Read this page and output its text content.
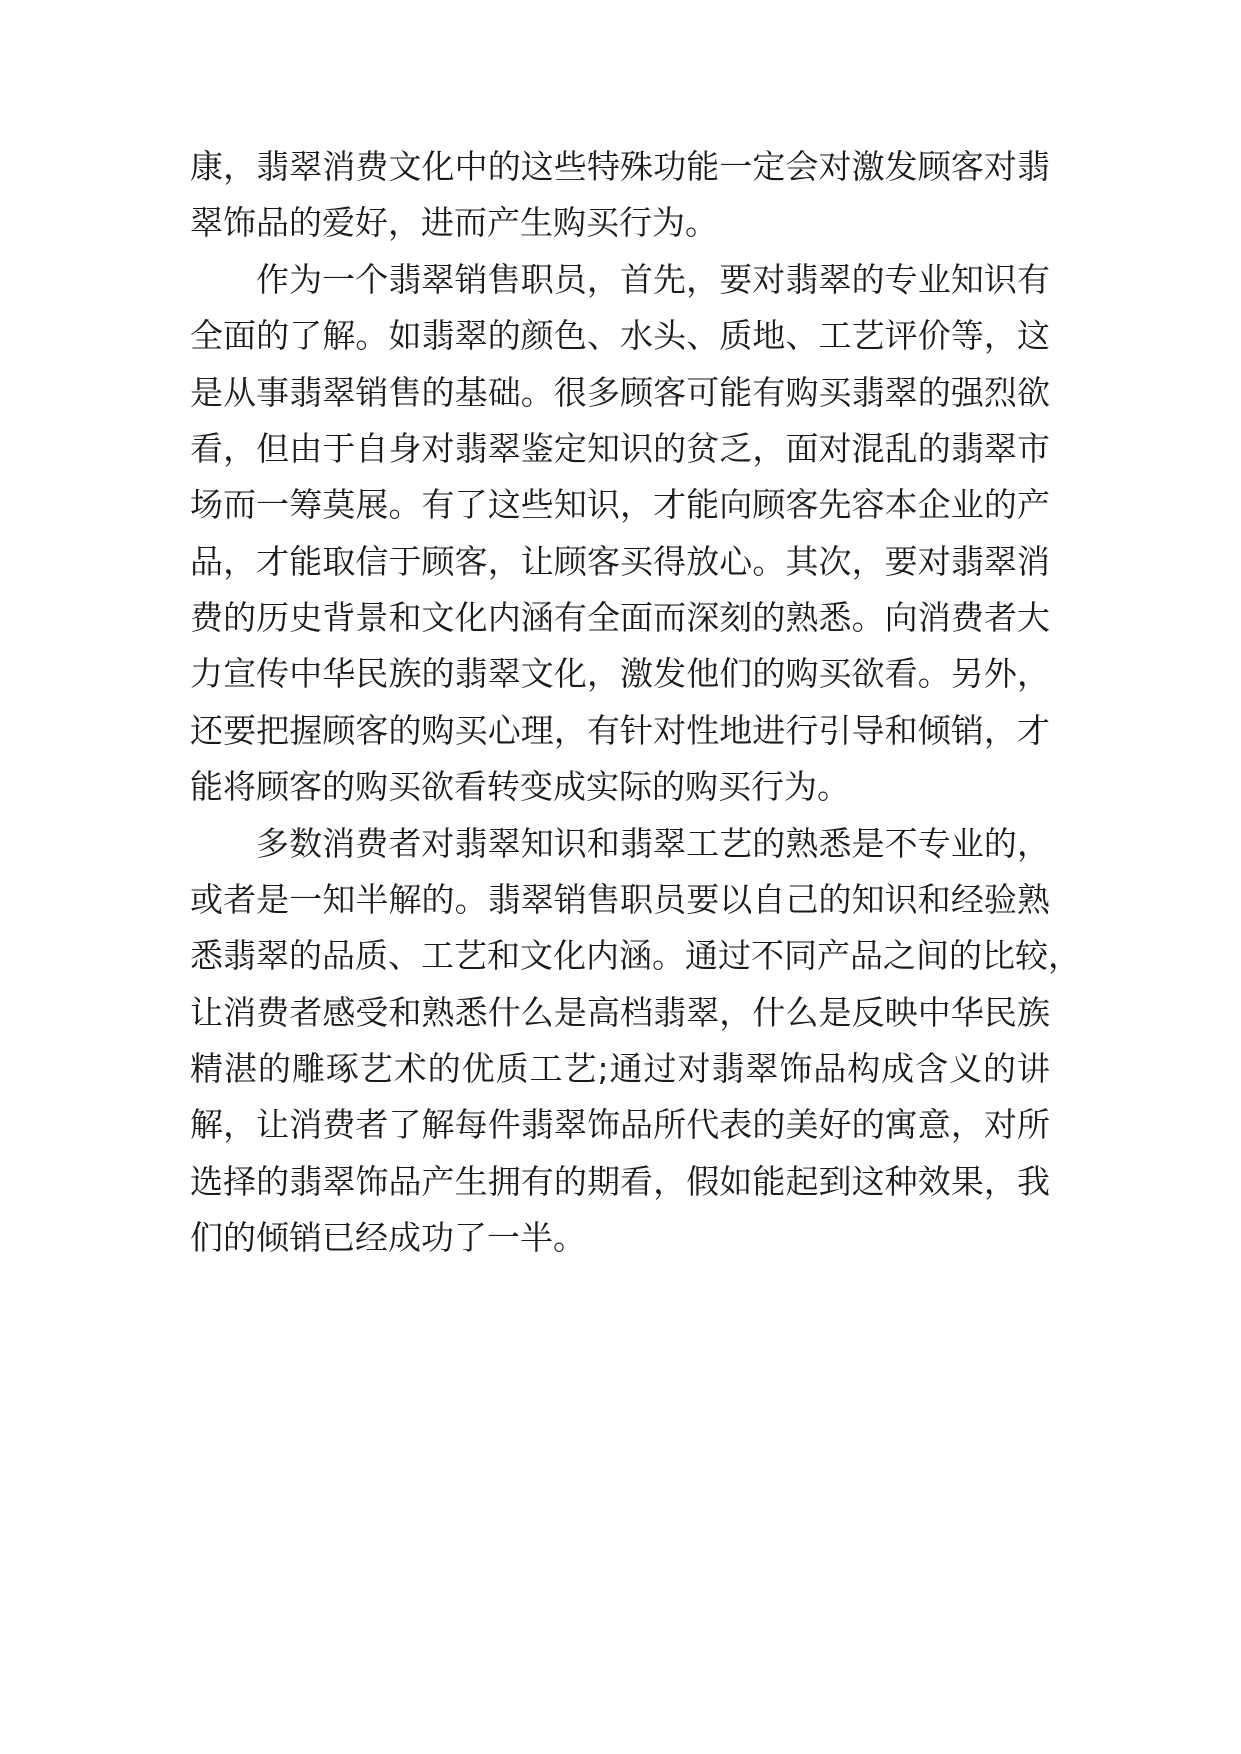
康，翡翠消费文化中的这些特殊功能一定会对激发顾客对翡
翠饰品的爱好，进而产生购买行为。
作为一个翡翠销售职员，首先，要对翡翠的专业知识有
全面的了解。如翡翠的颜色、水头、质地、工艺评价等，这
是从事翡翠销售的基础。很多顾客可能有购买翡翠的强烈欲
看，但由于自身对翡翠鉴定知识的贫乏，面对混乱的翡翠市
场而一筹莫展。有了这些知识，才能向顾客先容本企业的产
品，才能取信于顾客，让顾客买得放心。其次，要对翡翠消
费的历史背景和文化内涵有全面而深刻的熟悉。向消费者大
力宣传中华民族的翡翠文化，激发他们的购买欲看。另外，
还要把握顾客的购买心理，有针对性地进行引导和倾销，才
能将顾客的购买欲看转变成实际的购买行为。
多数消费者对翡翠知识和翡翠工艺的熟悉是不专业的，
或者是一知半解的。翡翠销售职员要以自己的知识和经验熟
悉翡翠的品质、工艺和文化内涵。通过不同产品之间的比较，
让消费者感受和熟悉什么是高档翡翠，什么是反映中华民族
精湛的雕琢艺术的优质工艺;通过对翡翠饰品构成含义的讲
解，让消费者了解每件翡翠饰品所代表的美好的寓意，对所
选择的翡翠饰品产生拥有的期看，假如能起到这种效果，我
们的倾销已经成功了一半。
